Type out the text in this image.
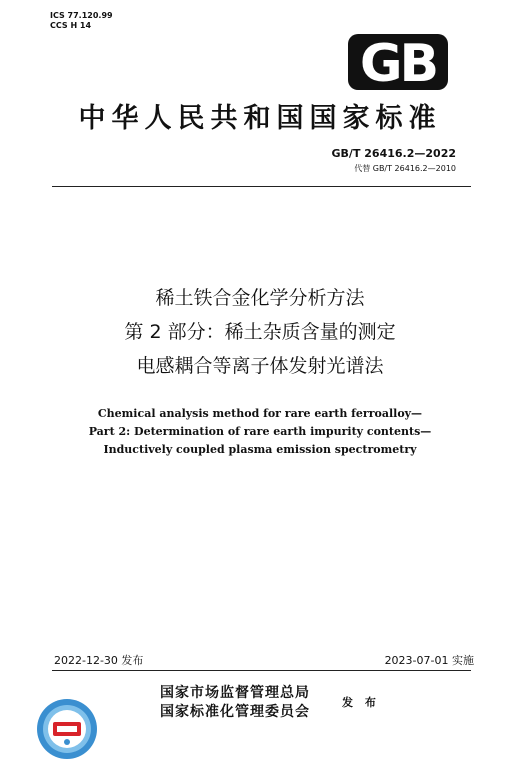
ICS 77.120.99
CCS H 14
GB
中华人民共和国国家标准
GB/T 26416.2—2022
代替 GB/T 26416.2—2010
稀土铁合金化学分析方法
第 2 部分：稀土杂质含量的测定
电感耦合等离子体发射光谱法
Chemical analysis method for rare earth ferroalloy—
Part 2: Determination of rare earth impurity contents—
Inductively coupled plasma emission spectrometry
2022-12-30 发布	2023-07-01 实施
国家市场监督管理总局
国家标准化管理委员会
发 布
